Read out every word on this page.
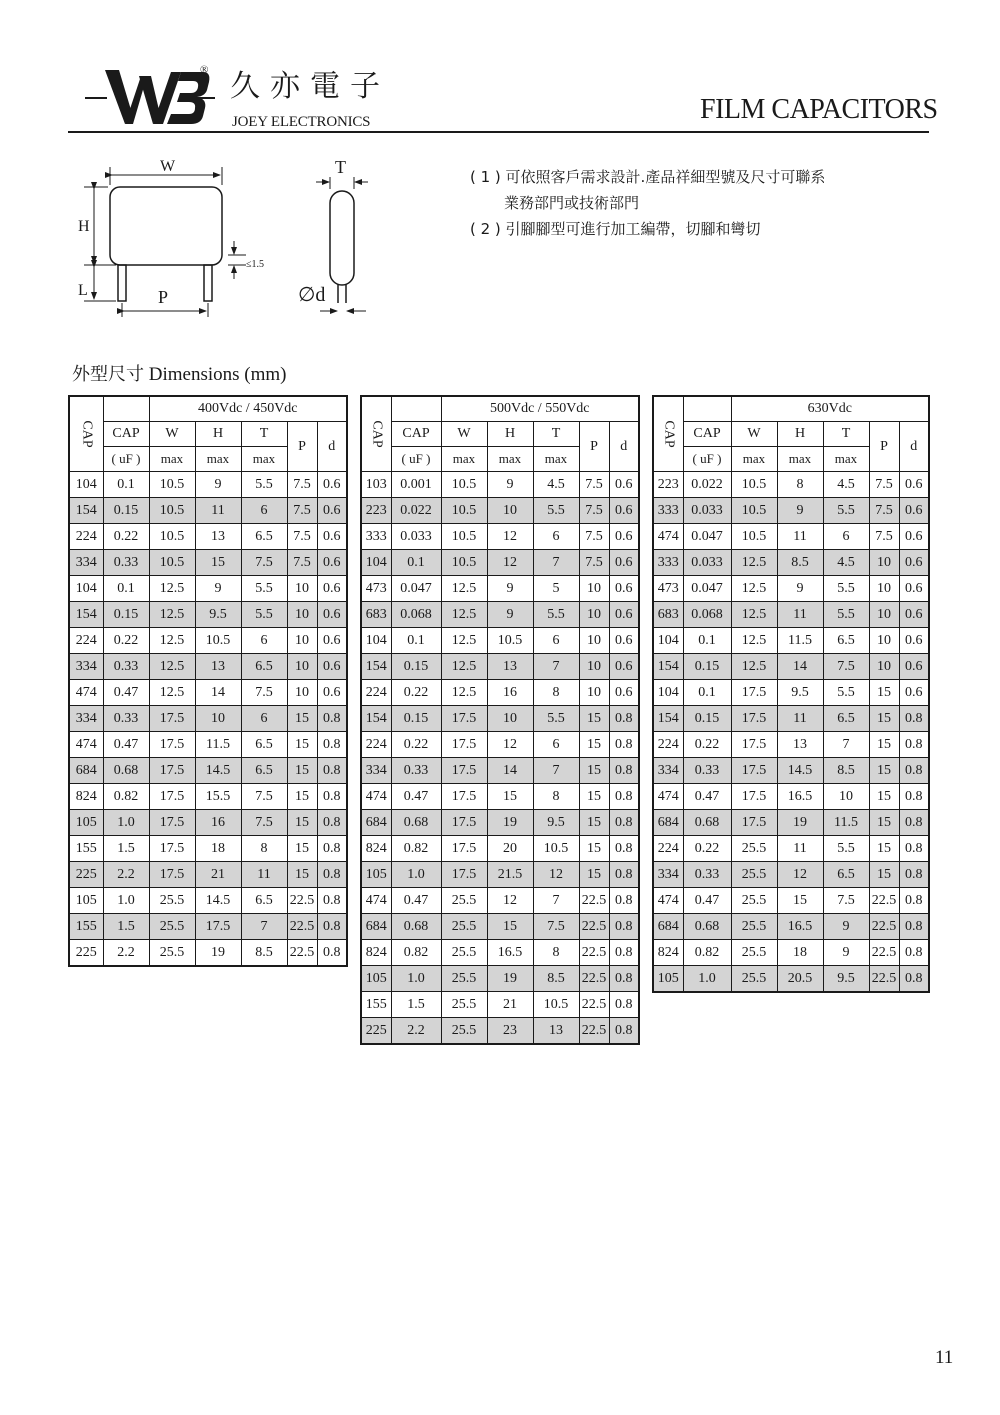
® 久亦電子
JOEY ELECTRONICS	FILM CAPACITORS
W
H
L	P
≤1.5
T
∅d
( 1 ) 可依照客戶需求設計.產品祥細型號及尺寸可聯系
業務部門或技術部門
( 2 ) 引腳腳型可進行加工編帶，切腳和彎切
外型尺寸 Dimensions (mm)
CAP		400Vdc / 450Vdc				
	CAP	W	H	T	P	d
	( uF )	max	max	max		
104	0.1	10.5	9	5.5	7.5	0.6
154	0.15	10.5	11	6	7.5	0.6
224	0.22	10.5	13	6.5	7.5	0.6
334	0.33	10.5	15	7.5	7.5	0.6
104	0.1	12.5	9	5.5	10	0.6
154	0.15	12.5	9.5	5.5	10	0.6
224	0.22	12.5	10.5	6	10	0.6
334	0.33	12.5	13	6.5	10	0.6
474	0.47	12.5	14	7.5	10	0.6
334	0.33	17.5	10	6	15	0.8
474	0.47	17.5	11.5	6.5	15	0.8
684	0.68	17.5	14.5	6.5	15	0.8
824	0.82	17.5	15.5	7.5	15	0.8
105	1.0	17.5	16	7.5	15	0.8
155	1.5	17.5	18	8	15	0.8
225	2.2	17.5	21	11	15	0.8
105	1.0	25.5	14.5	6.5	22.5	0.8
155	1.5	25.5	17.5	7	22.5	0.8
225	2.2	25.5	19	8.5	22.5	0.8
CAP		500Vdc / 550Vdc				
	CAP	W	H	T	P	d
	( uF )	max	max	max		
103	0.001	10.5	9	4.5	7.5	0.6
223	0.022	10.5	10	5.5	7.5	0.6
333	0.033	10.5	12	6	7.5	0.6
104	0.1	10.5	12	7	7.5	0.6
473	0.047	12.5	9	5	10	0.6
683	0.068	12.5	9	5.5	10	0.6
104	0.1	12.5	10.5	6	10	0.6
154	0.15	12.5	13	7	10	0.6
224	0.22	12.5	16	8	10	0.6
154	0.15	17.5	10	5.5	15	0.8
224	0.22	17.5	12	6	15	0.8
334	0.33	17.5	14	7	15	0.8
474	0.47	17.5	15	8	15	0.8
684	0.68	17.5	19	9.5	15	0.8
824	0.82	17.5	20	10.5	15	0.8
105	1.0	17.5	21.5	12	15	0.8
474	0.47	25.5	12	7	22.5	0.8
684	0.68	25.5	15	7.5	22.5	0.8
824	0.82	25.5	16.5	8	22.5	0.8
105	1.0	25.5	19	8.5	22.5	0.8
155	1.5	25.5	21	10.5	22.5	0.8
225	2.2	25.5	23	13	22.5	0.8
CAP		630Vdc				
	CAP	W	H	T	P	d
	( uF )	max	max	max		
223	0.022	10.5	8	4.5	7.5	0.6
333	0.033	10.5	9	5.5	7.5	0.6
474	0.047	10.5	11	6	7.5	0.6
333	0.033	12.5	8.5	4.5	10	0.6
473	0.047	12.5	9	5.5	10	0.6
683	0.068	12.5	11	5.5	10	0.6
104	0.1	12.5	11.5	6.5	10	0.6
154	0.15	12.5	14	7.5	10	0.6
104	0.1	17.5	9.5	5.5	15	0.6
154	0.15	17.5	11	6.5	15	0.8
224	0.22	17.5	13	7	15	0.8
334	0.33	17.5	14.5	8.5	15	0.8
474	0.47	17.5	16.5	10	15	0.8
684	0.68	17.5	19	11.5	15	0.8
224	0.22	25.5	11	5.5	15	0.8
334	0.33	25.5	12	6.5	15	0.8
474	0.47	25.5	15	7.5	22.5	0.8
684	0.68	25.5	16.5	9	22.5	0.8
824	0.82	25.5	18	9	22.5	0.8
105	1.0	25.5	20.5	9.5	22.5	0.8
11
